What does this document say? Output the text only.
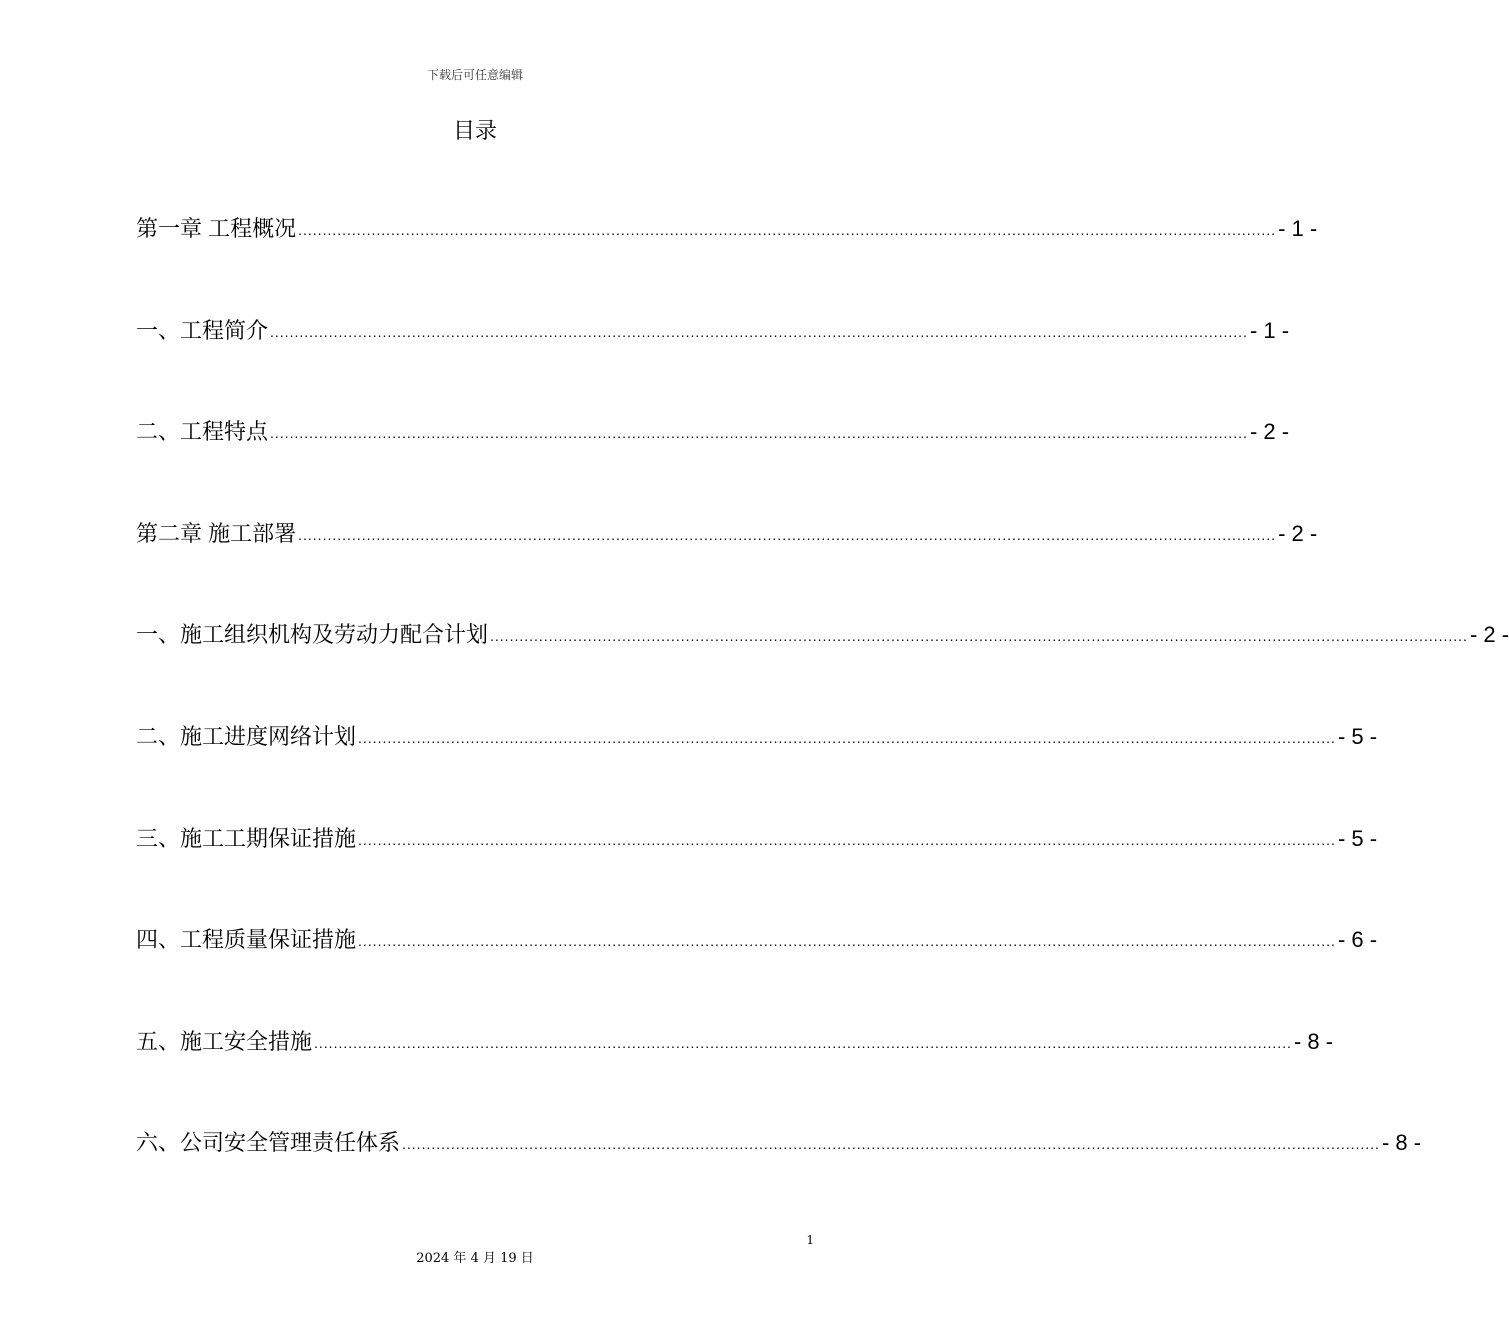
下载后可任意编辑
目录
第一章 工程概况 ........................................................................................................................................................................................................ - 1 -
一、工程简介 ........................................................................................................................................................................................................ - 1 -
二、工程特点 ........................................................................................................................................................................................................ - 2 -
第二章 施工部署 ........................................................................................................................................................................................................ - 2 -
一、施工组织机构及劳动力配合计划 ........................................................................................................................................................................................................ - 2 -
二、施工进度网络计划 ........................................................................................................................................................................................................ - 5 -
三、施工工期保证措施 ........................................................................................................................................................................................................ - 5 -
四、工程质量保证措施 ........................................................................................................................................................................................................ - 6 -
五、施工安全措施 ........................................................................................................................................................................................................ - 8 -
六、公司安全管理责任体系 ........................................................................................................................................................................................................ - 8 -
1
2024 年 4 月 19 日
